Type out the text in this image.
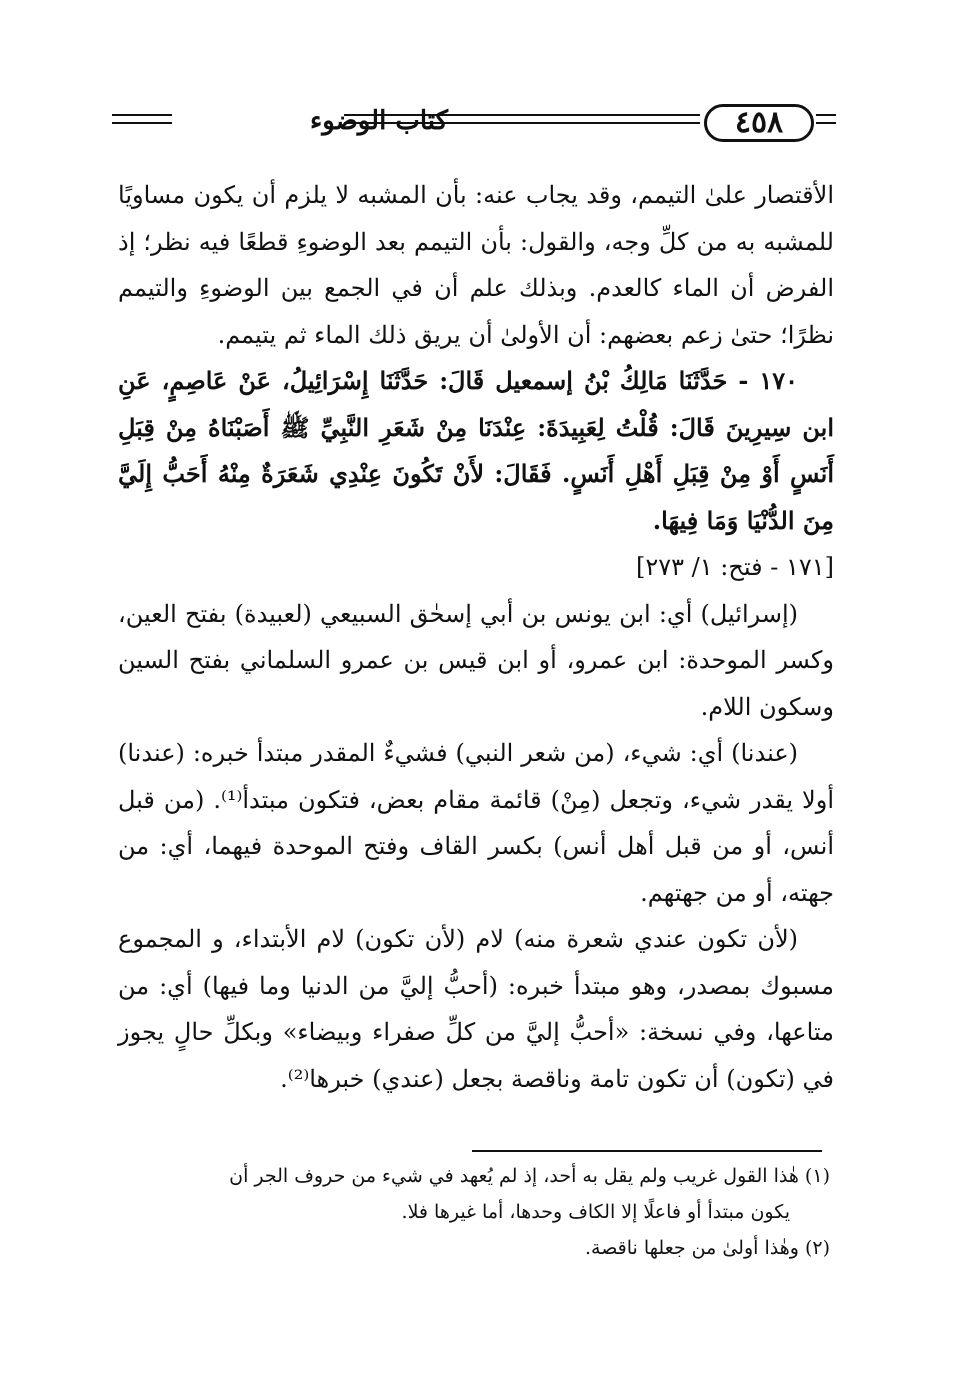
كتاب الوضوء	٤٥٨

الأقتصار علىٰ التيمم، وقد يجاب عنه: بأن المشبه لا يلزم أن يكون مساويًا للمشبه به من كلِّ وجه، والقول: بأن التيمم بعد الوضوءِ قطعًا فيه نظر؛ إذ الفرض أن الماء كالعدم. وبذلك علم أن في الجمع بين الوضوءِ والتيمم نظرًا؛ حتىٰ زعم بعضهم: أن الأولىٰ أن يريق ذلك الماء ثم يتيمم.

١٧٠ - حَدَّثَنَا مَالِكُ بْنُ إسمعيل قَالَ: حَدَّثَنَا إِسْرَائِيلُ، عَنْ عَاصِمٍ، عَنِ ابن سِيرِينَ قَالَ: قُلْتُ لِعَبِيدَةَ: عِنْدَنَا مِنْ شَعَرِ النَّبِيِّ ﷺ أَصَبْنَاهُ مِنْ قِبَلِ أَنَسٍ أَوْ مِنْ قِبَلِ أَهْلِ أَنَسٍ. فَقَالَ: لأَنْ تَكُونَ عِنْدِي شَعَرَةٌ مِنْهُ أَحَبُّ إِلَيَّ مِنَ الدُّنْيَا وَمَا فِيهَا.

[١٧١ - فتح: ١/ ٢٧٣]

(إسرائيل) أي: ابن يونس بن أبي إسحٰق السبيعي (لعبيدة) بفتح العين، وكسر الموحدة: ابن عمرو، أو ابن قيس بن عمرو السلماني بفتح السين وسكون اللام.

(عندنا) أي: شيء، (من شعر النبي) فشيءٌ المقدر مبتدأ خبره: (عندنا) أولا يقدر شيء، وتجعل (مِنْ) قائمة مقام بعض، فتكون مبتدأ⁽¹⁾. (من قبل أنس، أو من قبل أهل أنس) بكسر القاف وفتح الموحدة فيهما، أي: من جهته، أو من جهتهم.

(لأن تكون عندي شعرة منه) لام (لأن تكون) لام الأبتداء، و المجموع مسبوك بمصدر، وهو مبتدأ خبره: (أحبُّ إليَّ من الدنيا وما فيها) أي: من متاعها، وفي نسخة: «أحبُّ إليَّ من كلِّ صفراء وبيضاء» وبكلِّ حالٍ يجوز في (تكون) أن تكون تامة وناقصة بجعل (عندي) خبرها⁽²⁾.

(١) هٰذا القول غريب ولم يقل به أحد، إذ لم يُعهد في شيء من حروف الجر أن

يكون مبتدأ أو فاعلًا إلا الكاف وحدها، أما غيرها فلا.

(٢) وهٰذا أولىٰ من جعلها ناقصة.
